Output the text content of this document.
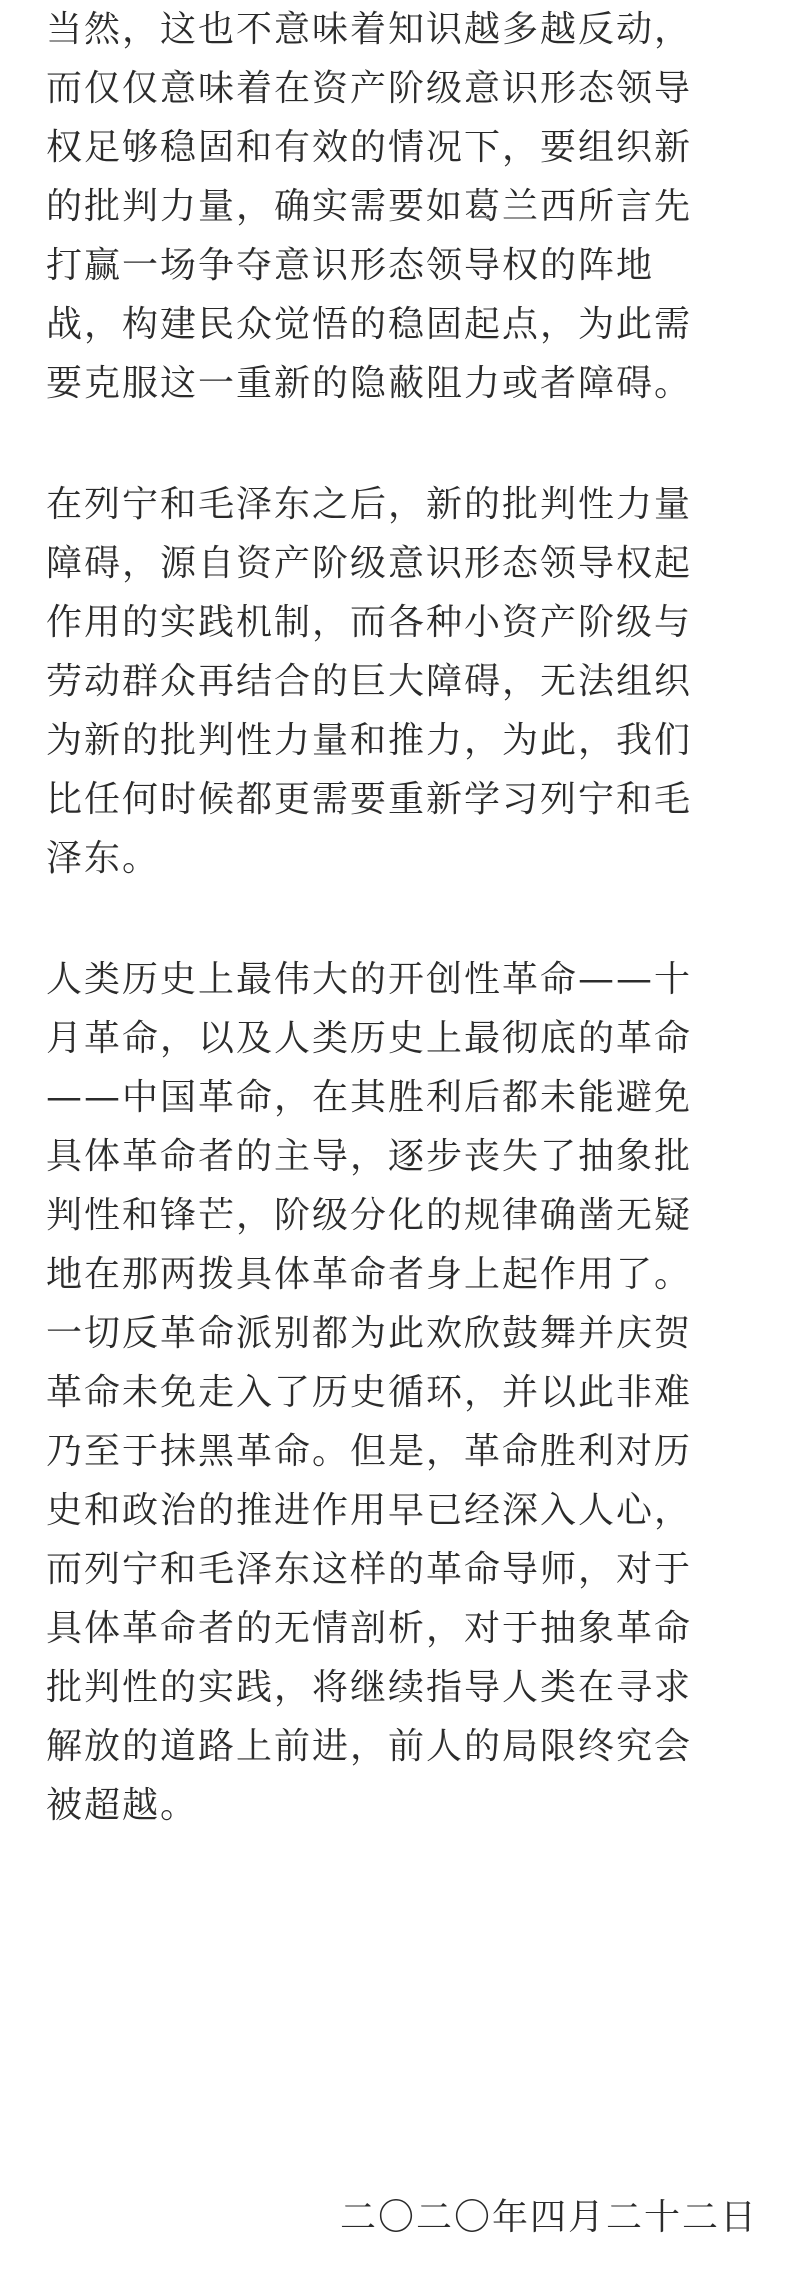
当然，这也不意味着知识越多越反动，
而仅仅意味着在资产阶级意识形态领导
权足够稳固和有效的情况下，要组织新
的批判力量，确实需要如葛兰西所言先
打赢一场争夺意识形态领导权的阵地
战，构建民众觉悟的稳固起点，为此需
要克服这一重新的隐蔽阻力或者障碍。

在列宁和毛泽东之后，新的批判性力量
障碍，源自资产阶级意识形态领导权起
作用的实践机制，而各种小资产阶级与
劳动群众再结合的巨大障碍，无法组织
为新的批判性力量和推力，为此，我们
比任何时候都更需要重新学习列宁和毛
泽东。

人类历史上最伟大的开创性革命——十
月革命，以及人类历史上最彻底的革命
——中国革命，在其胜利后都未能避免
具体革命者的主导，逐步丧失了抽象批
判性和锋芒，阶级分化的规律确凿无疑
地在那两拨具体革命者身上起作用了。
一切反革命派别都为此欢欣鼓舞并庆贺
革命未免走入了历史循环，并以此非难
乃至于抹黑革命。但是，革命胜利对历
史和政治的推进作用早已经深入人心，
而列宁和毛泽东这样的革命导师，对于
具体革命者的无情剖析，对于抽象革命
批判性的实践，将继续指导人类在寻求
解放的道路上前进，前人的局限终究会
被超越。

二〇二〇年四月二十二日
